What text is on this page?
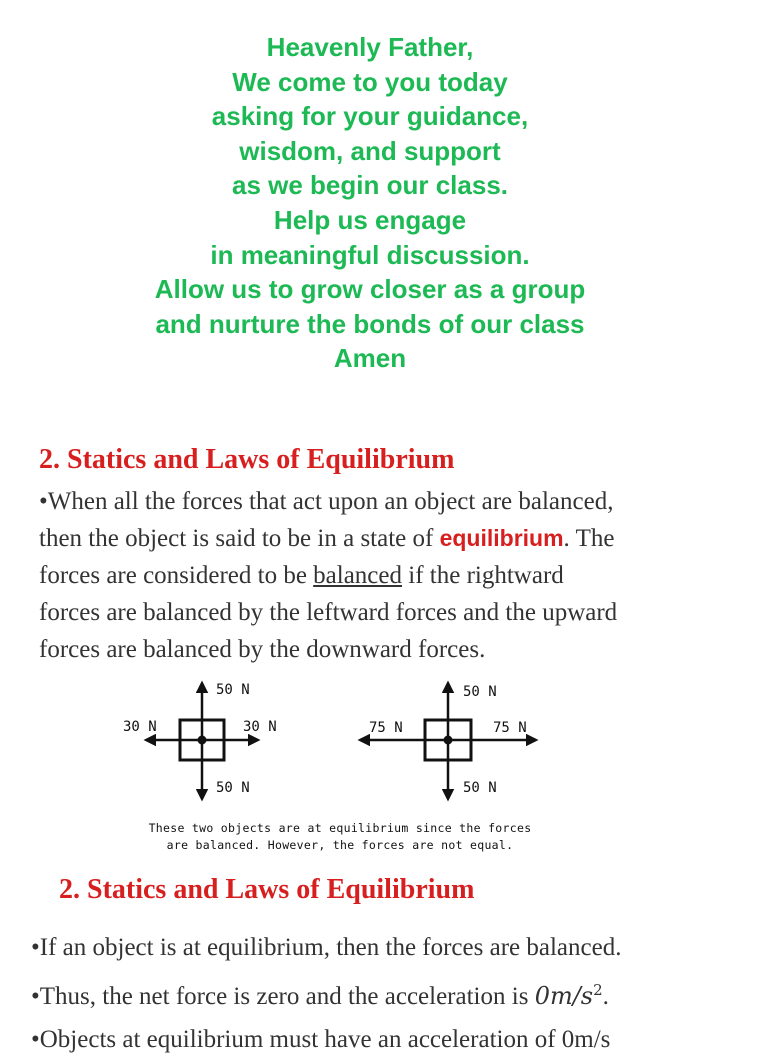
Heavenly Father,
We come to you today
asking for your guidance,
wisdom, and support
as we begin our class.
Help us engage
in meaningful discussion.
Allow us to grow closer as a group
and nurture the bonds of our class
Amen
2. Statics and Laws of Equilibrium
•When all the forces that act upon an object are balanced,
then the object is said to be in a state of equilibrium. The
forces are considered to be balanced if the rightward
forces are balanced by the leftward forces and the upward
forces are balanced by the downward forces.
50 N
50 N
30 N	30 N
50 N
50 N
75 N	75 N
These two objects are at equilibrium since the forces
are balanced. However, the forces are not equal.
2. Statics and Laws of Equilibrium
•If an object is at equilibrium, then the forces are balanced.
•Thus, the net force is zero and the acceleration is $0m/s^2$.
•Objects at equilibrium must have an acceleration of 0m/s
